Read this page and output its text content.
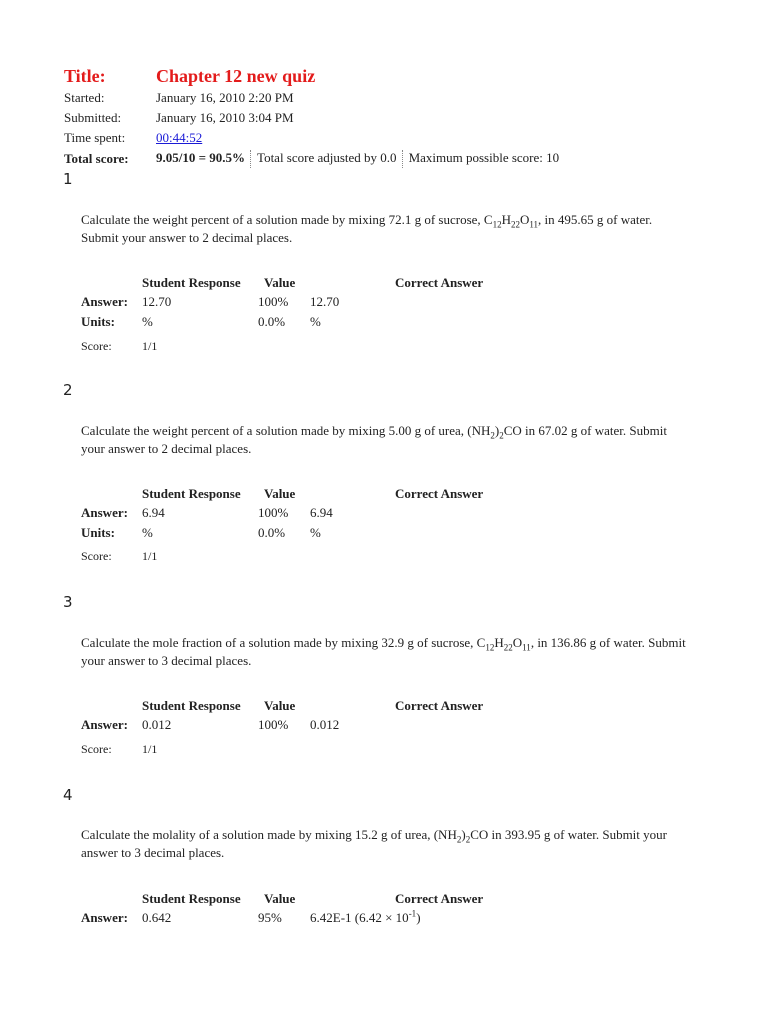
Title:	Chapter 12 new quiz
Started:	January 16, 2010 2:20 PM
Submitted:	January 16, 2010 3:04 PM
Time spent: 00:44:52
Total score: 9.05/10 = 90.5% Total score adjusted by 0.0 Maximum possible score: 10
1
Calculate the weight percent of a solution made by mixing 72.1 g of sucrose, $C_{12}H_{22}O_{11}$, in 495.65 g of water. Submit your answer to 2 decimal places.
Student Response Value	Correct Answer
Answer: 12.70	100% 12.70
Units: %	0.0% %
Score:	1/1
2
Calculate the weight percent of a solution made by mixing 5.00 g of urea, $(NH_2)_2CO$ in 67.02 g of water. Submit your answer to 2 decimal places.
Student Response Value	Correct Answer
Answer: 6.94	100% 6.94
Units: %	0.0% %
Score:	1/1
3
Calculate the mole fraction of a solution made by mixing 32.9 g of sucrose, $C_{12}H_{22}O_{11}$, in 136.86 g of water. Submit your answer to 3 decimal places.
Student Response Value	Correct Answer
Answer: 0.012	100% 0.012
Score:	1/1
4
Calculate the molality of a solution made by mixing 15.2 g of urea, $(NH_2)_2CO$ in 393.95 g of water. Submit your answer to 3 decimal places.
Student Response Value	Correct Answer
Answer: 0.642	95% 6.42E-1 $(6.42 \times 10^{-1})$
